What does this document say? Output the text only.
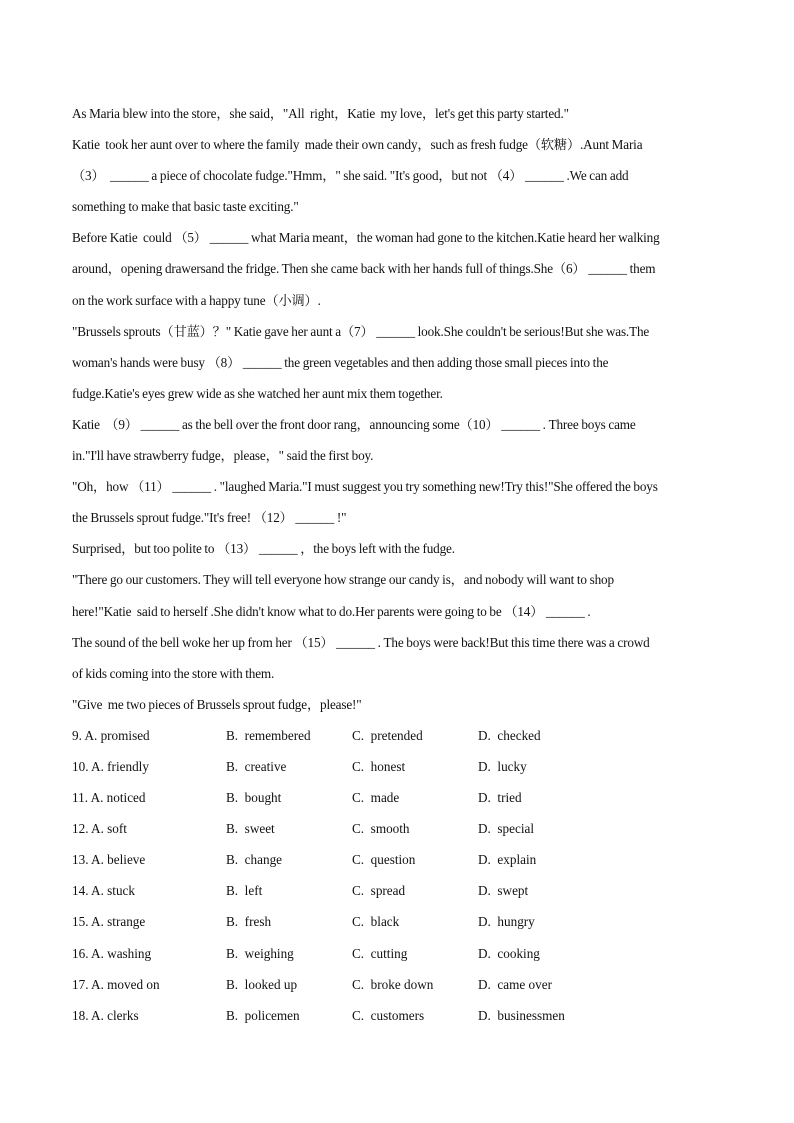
As Maria blew into the store，she said，"All  right，Katie  my love，let's get this party started."

Katie  took her aunt over to where the family  made their own candy，such as fresh fudge（软糖）.Aunt Maria

（3）  ______ a piece of chocolate fudge."Hmm，" she said. "It's good，but not （4） ______ .We can add

something to make that basic taste exciting."

Before Katie  could （5） ______ what Maria meant，the woman had gone to the kitchen.Katie heard her walking

around，opening drawersand the fridge. Then she came back with her hands full of things.She（6） ______ them

on the work surface with a happy tune（小调）.

"Brussels sprouts（甘蓝）？" Katie gave her aunt a（7） ______ look.She couldn't be serious!But she was.The

woman's hands were busy （8） ______ the green vegetables and then adding those small pieces into the

fudge.Katie's eyes grew wide as she watched her aunt mix them together.

Katie  （9） ______ as the bell over the front door rang，announcing some（10） ______ . Three boys came

in."I'll have strawberry fudge，please，" said the first boy.

"Oh，how （11） ______ . "laughed Maria."I must suggest you try something new!Try this!"She offered the boys

the Brussels sprout fudge."It's free! （12） ______ !"

Surprised，but too polite to （13） ______ ，the boys left with the fudge.

"There go our customers. They will tell everyone how strange our candy is，and nobody will want to shop

here!"Katie  said to herself .She didn't know what to do.Her parents were going to be （14） ______ .

The sound of the bell woke her up from her （15） ______ . The boys were back!But this time there was a crowd

of kids coming into the store with them.

"Give  me two pieces of Brussels sprout fudge，please!"

9. A. promised	B.  remembered	C.  pretended	D.  checked
10. A. friendly	B.  creative	C.  honest	D.  lucky
11. A. noticed	B.  bought	C.  made	D.  tried
12. A. soft	B.  sweet	C.  smooth	D.  special
13. A. believe	B.  change	C.  question	D.  explain
14. A. stuck	B.  left	C.  spread	D.  swept
15. A. strange	B.  fresh	C.  black	D.  hungry
16. A. washing	B.  weighing	C.  cutting	D.  cooking
17. A. moved on	B.  looked up	C.  broke down	D.  came over
18. A. clerks	B.  policemen	C.  customers	D.  businessmen
